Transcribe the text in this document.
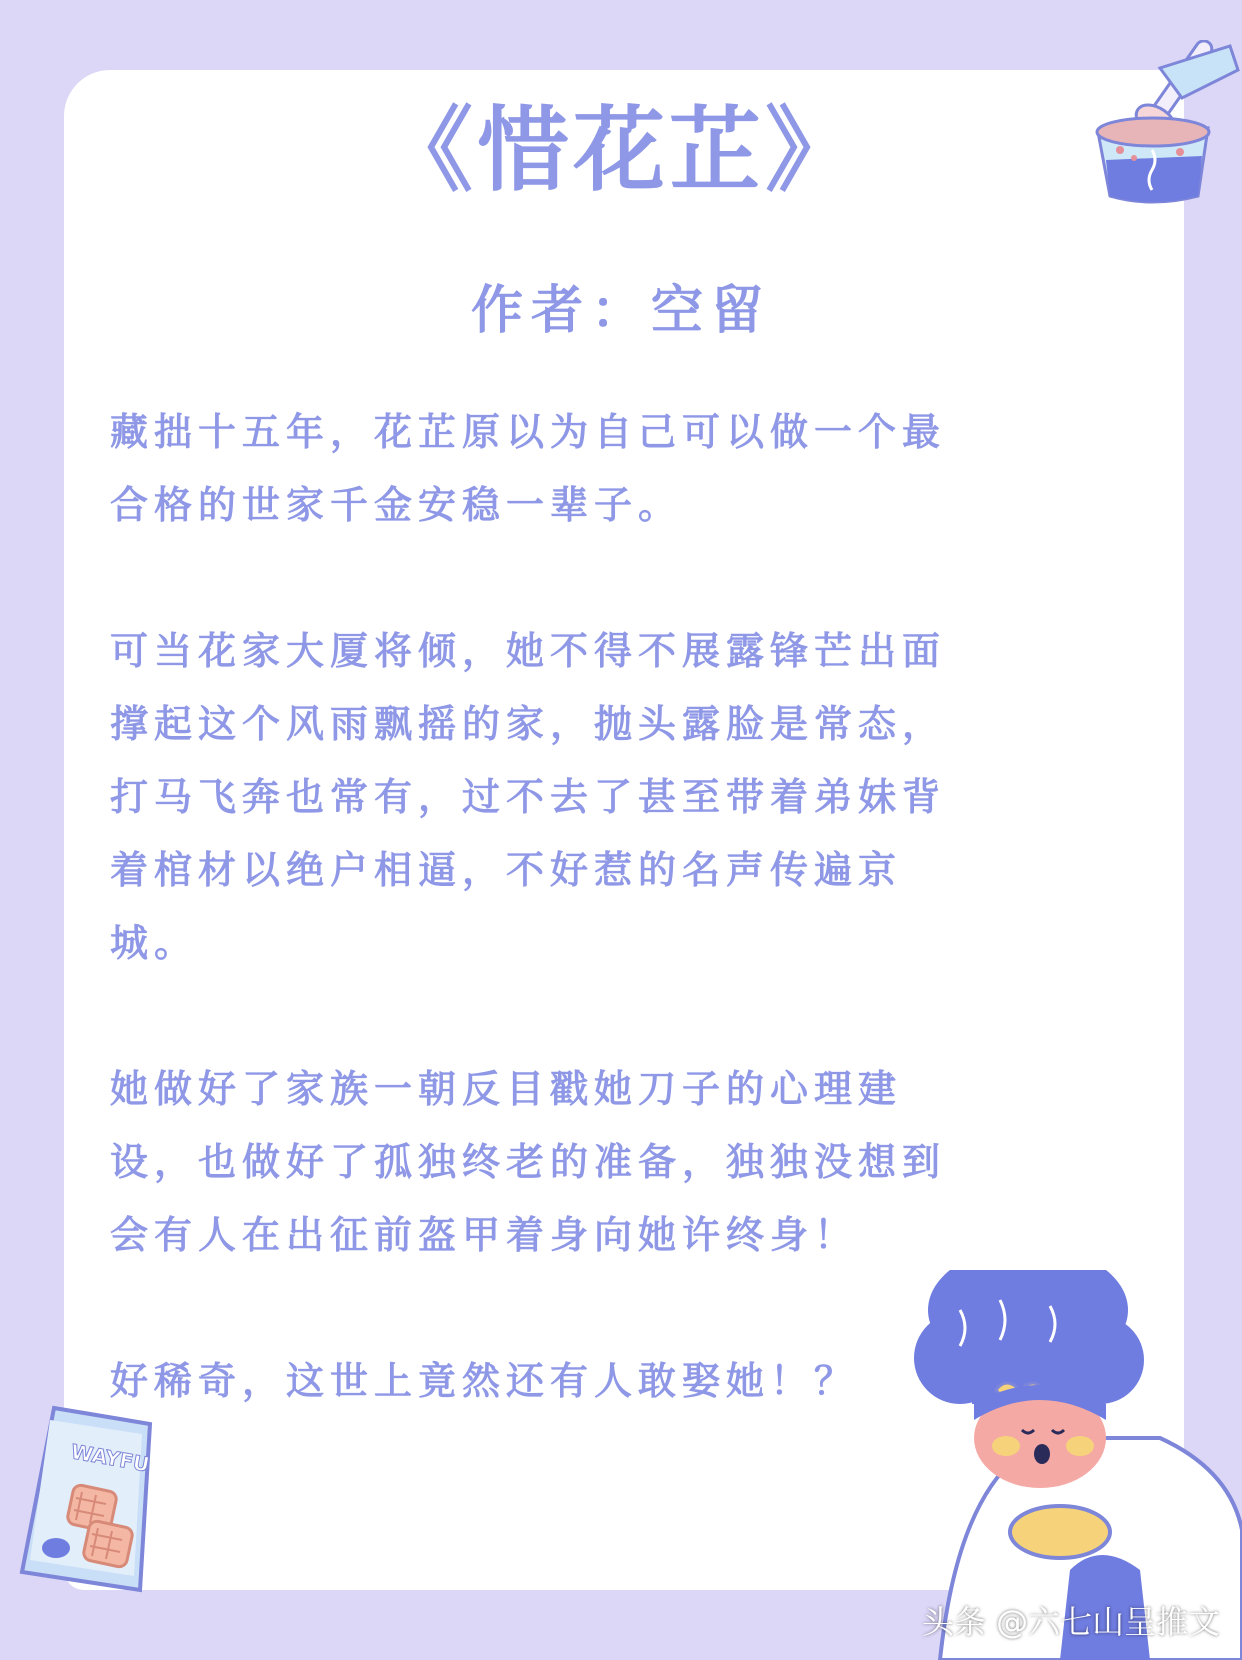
《惜花芷》
作者：空留
藏拙十五年，花芷原以为自己可以做一个最
合格的世家千金安稳一辈子。
可当花家大厦将倾，她不得不展露锋芒出面
撑起这个风雨飘摇的家，抛头露脸是常态，
打马飞奔也常有，过不去了甚至带着弟妹背
着棺材以绝户相逼，不好惹的名声传遍京
城。
她做好了家族一朝反目戳她刀子的心理建
设，也做好了孤独终老的准备，独独没想到
会有人在出征前盔甲着身向她许终身！
好稀奇，这世上竟然还有人敢娶她！？
WAYFU
头条 @六七山呈推文
